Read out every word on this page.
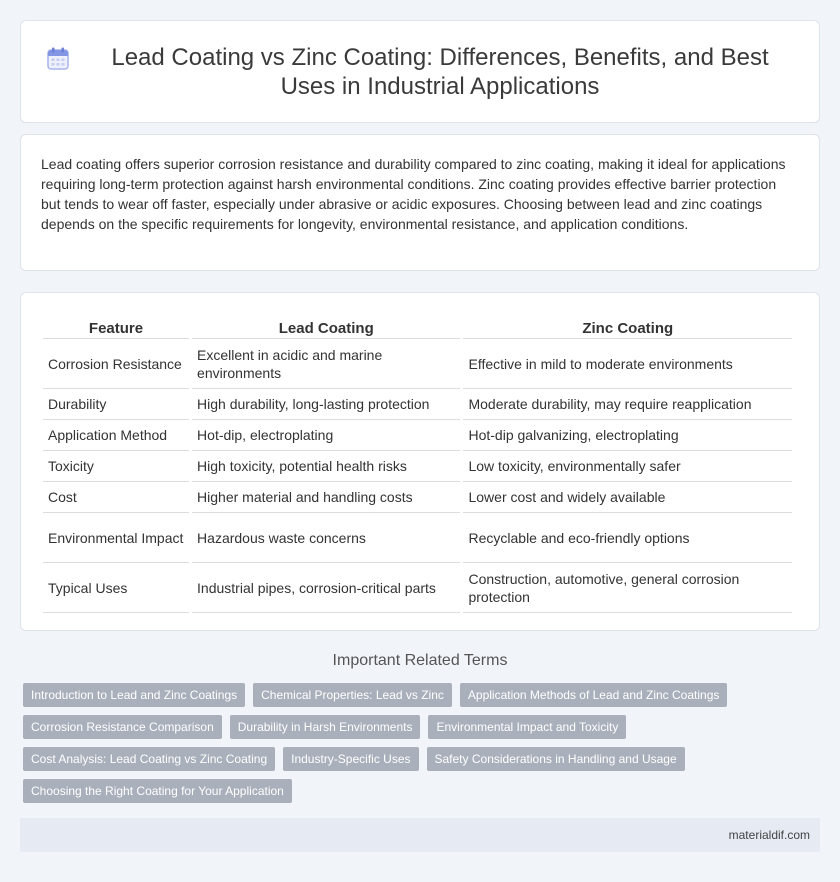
Lead Coating vs Zinc Coating: Differences, Benefits, and Best Uses in Industrial Applications

Lead coating offers superior corrosion resistance and durability compared to zinc coating, making it ideal for applications requiring long-term protection against harsh environmental conditions. Zinc coating provides effective barrier protection but tends to wear off faster, especially under abrasive or acidic exposures. Choosing between lead and zinc coatings depends on the specific requirements for longevity, environmental resistance, and application conditions.

Feature	Lead Coating	Zinc Coating
Corrosion Resistance	Excellent in acidic and marine environments	Effective in mild to moderate environments
Durability	High durability, long-lasting protection	Moderate durability, may require reapplication
Application Method	Hot-dip, electroplating	Hot-dip galvanizing, electroplating
Toxicity	High toxicity, potential health risks	Low toxicity, environmentally safer
Cost	Higher material and handling costs	Lower cost and widely available
Environmental Impact	Hazardous waste concerns	Recyclable and eco-friendly options
Typical Uses	Industrial pipes, corrosion-critical parts	Construction, automotive, general corrosion protection
Important Related Terms
Introduction to Lead and Zinc Coatings	Chemical Properties: Lead vs Zinc	Application Methods of Lead and Zinc Coatings
Corrosion Resistance Comparison	Durability in Harsh Environments	Environmental Impact and Toxicity
Cost Analysis: Lead Coating vs Zinc Coating	Industry-Specific Uses	Safety Considerations in Handling and Usage
Choosing the Right Coating for Your Application
materialdif.com
